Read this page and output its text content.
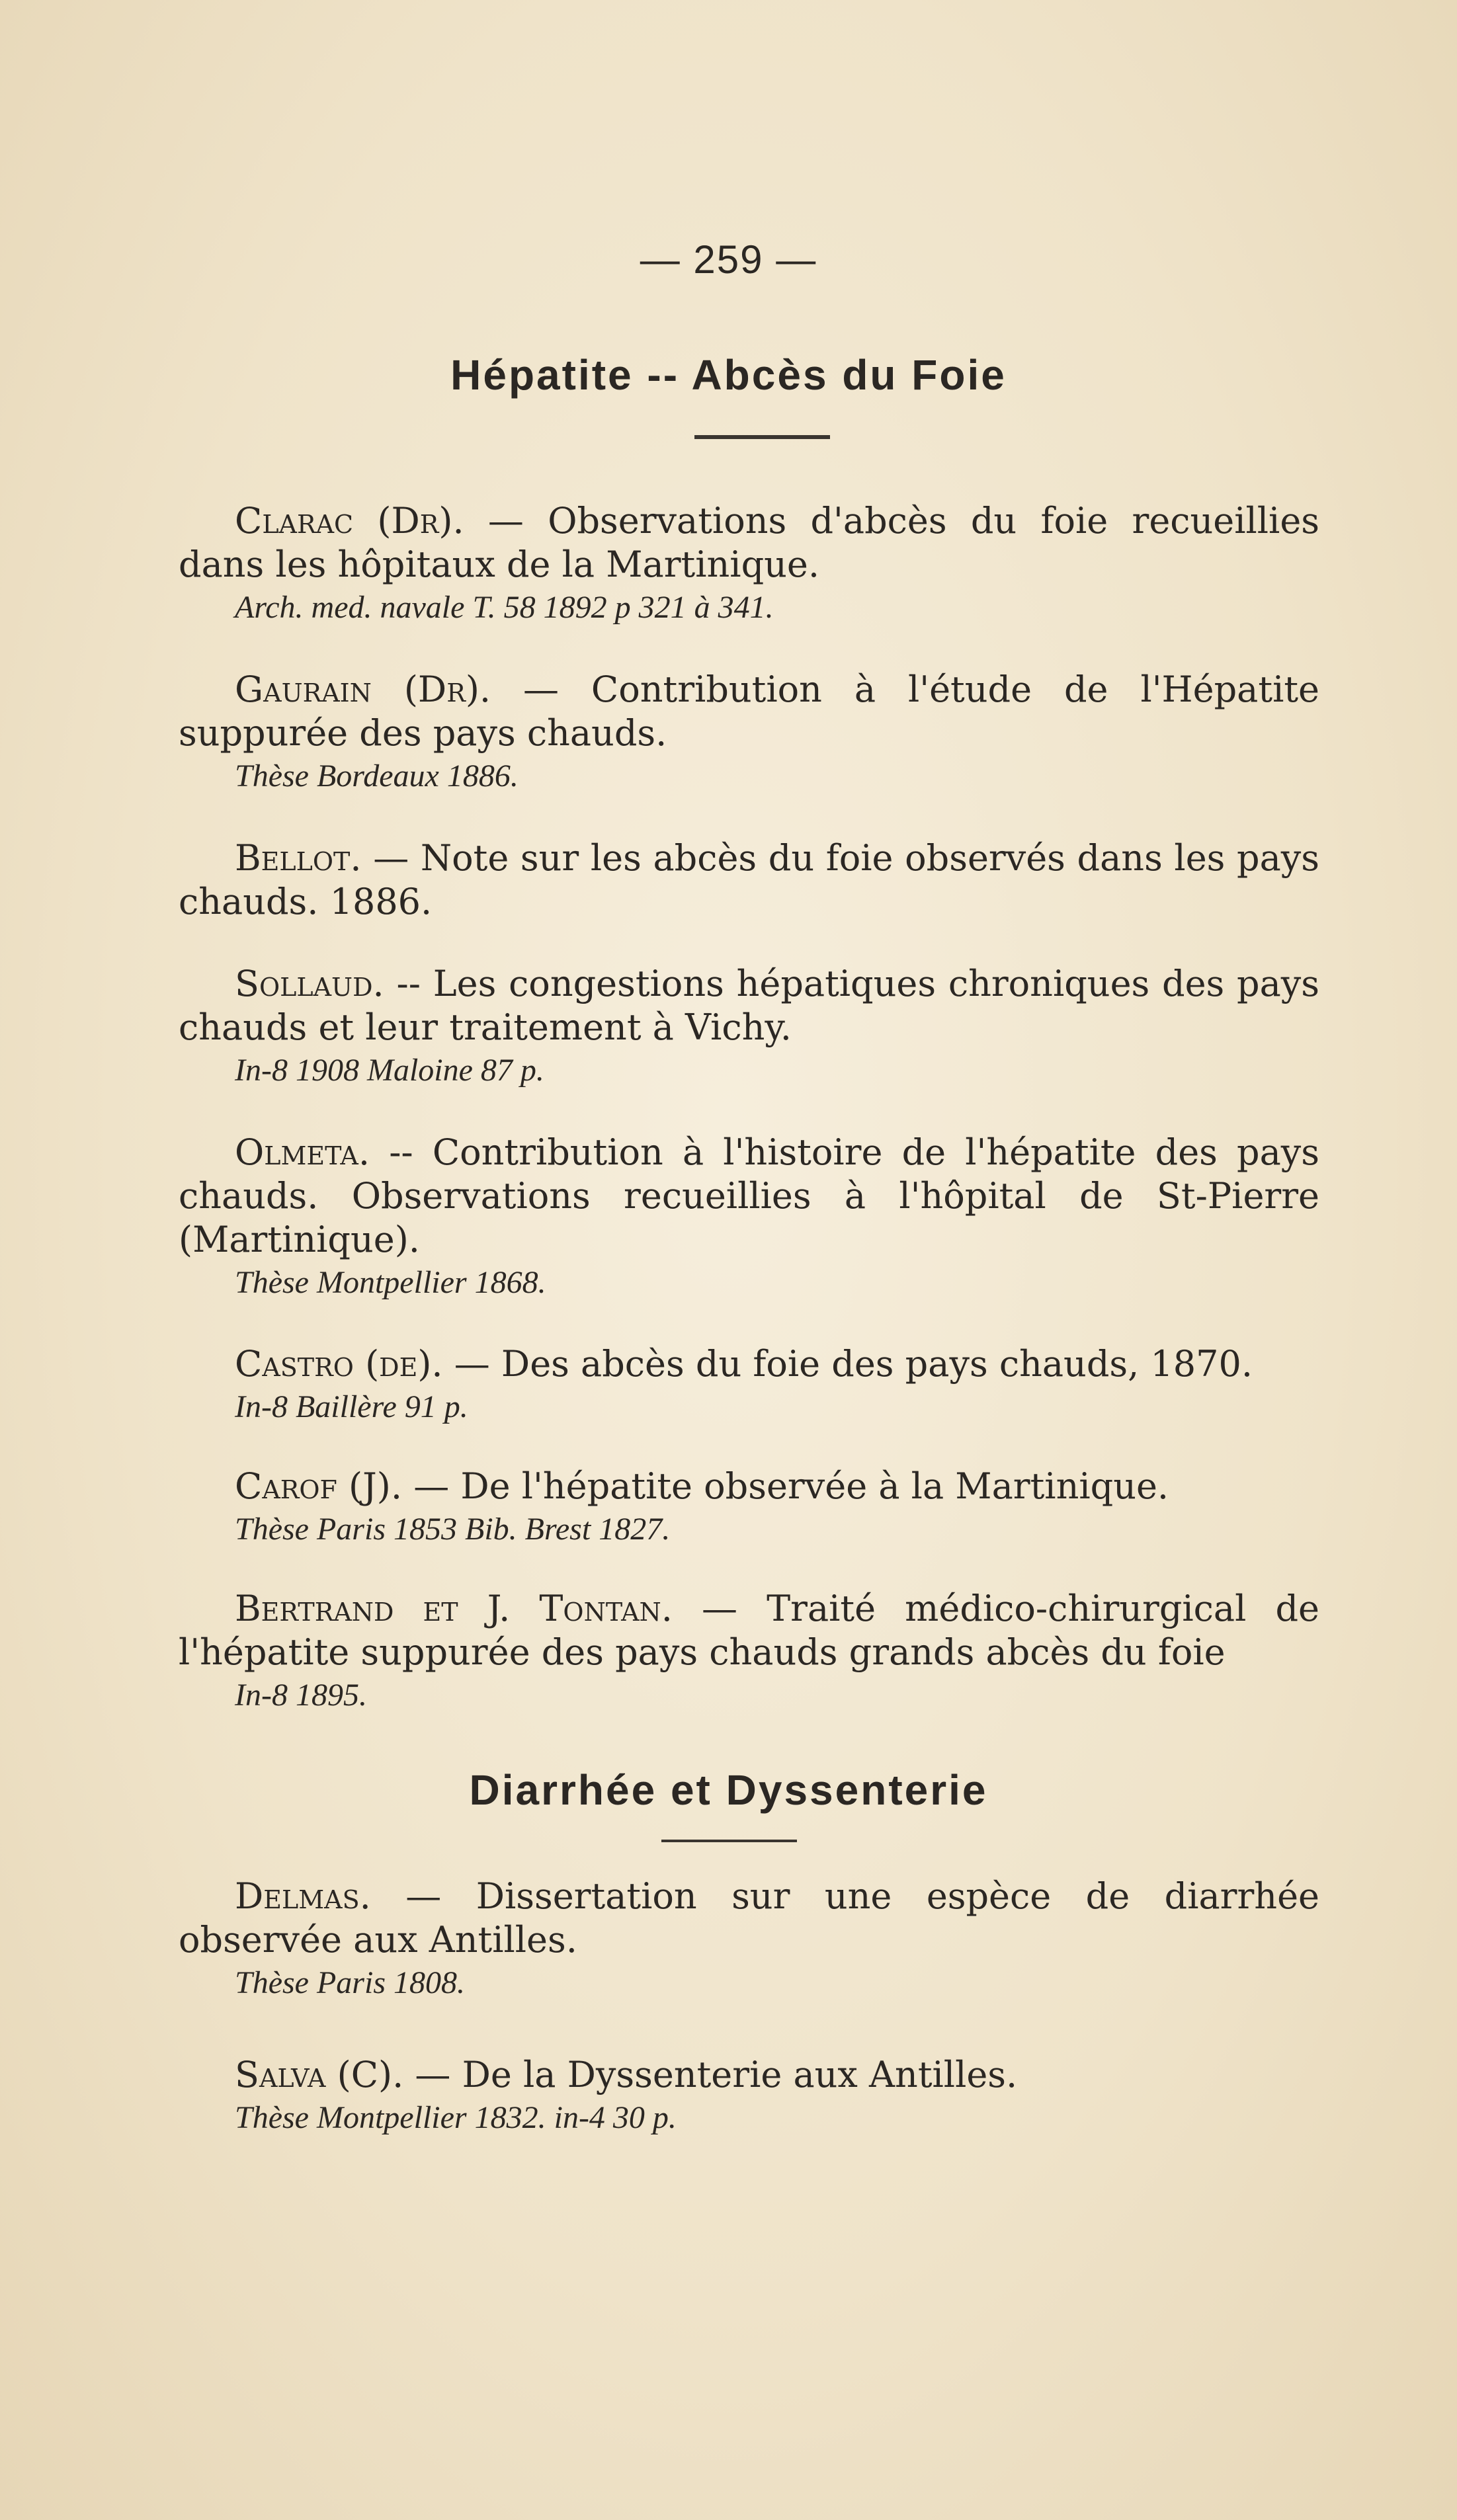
— 259 —
Hépatite -- Abcès du Foie

Clarac (Dr). — Observations d'abcès du foie recueillies dans les hôpitaux de la Martinique.

Arch. med. navale T. 58 1892 p 321 à 341.

Gaurain (Dr). — Contribution à l'étude de l'Hépatite suppurée des pays chauds.

Thèse Bordeaux 1886.

Bellot. — Note sur les abcès du foie observés dans les pays chauds. 1886.

Sollaud. -- Les congestions hépatiques chroniques des pays chauds et leur traitement à Vichy.

In-8 1908 Maloine 87 p.

Olmeta. -- Contribution à l'histoire de l'hépatite des pays chauds. Observations recueillies à l'hôpital de St-Pierre (Martinique).

Thèse Montpellier 1868.

Castro (de). — Des abcès du foie des pays chauds, 1870.

In-8 Baillère 91 p.

Carof (J). — De l'hépatite observée à la Martinique.

Thèse Paris 1853 Bib. Brest 1827.

Bertrand et J. Tontan. — Traité médico-chirurgical de l'hépatite suppurée des pays chauds grands abcès du foie

In-8 1895.
Diarrhée et Dyssenterie

Delmas. — Dissertation sur une espèce de diarrhée observée aux Antilles.

Thèse Paris 1808.

Salva (C). — De la Dyssenterie aux Antilles.

Thèse Montpellier 1832. in-4 30 p.
